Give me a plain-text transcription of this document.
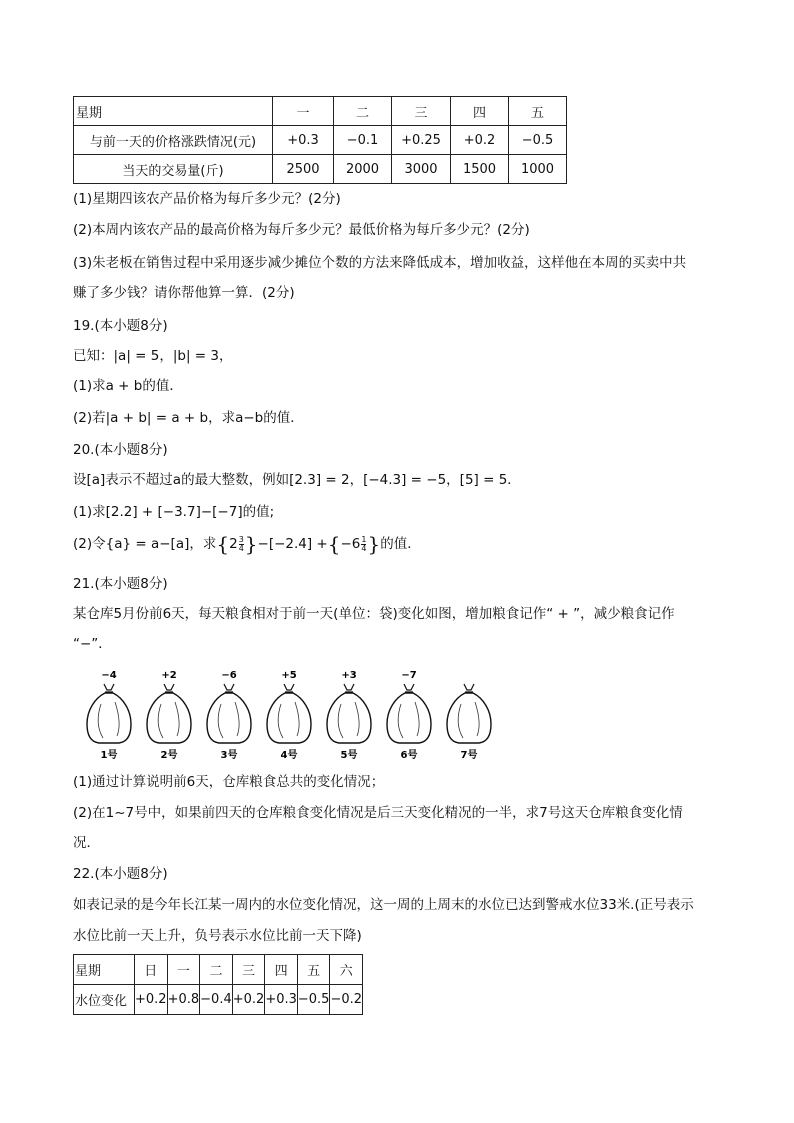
星期	一	二	三	四	五
与前一天的价格涨跌情况(元)	+0.3	−0.1	+0.25	+0.2	−0.5
当天的交易量(斤)	2500	2000	3000	1500	1000
(1)星期四该农产品价格为每斤多少元？(2分)
(2)本周内该农产品的最高价格为每斤多少元？最低价格为每斤多少元？(2分)
(3)朱老板在销售过程中采用逐步减少摊位个数的方法来降低成本，增加收益，这样他在本周的买卖中共
赚了多少钱？请你帮他算一算．(2分)
19.(本小题8分)
已知：|a| = 5，|b| = 3，
(1)求a + b的值．
(2)若|a + b| = a + b，求a−b的值．
20.(本小题8分)
设[a]表示不超过a的最大整数，例如[2.3] = 2，[−4.3] = −5，[5] = 5．
(1)求[2.2] + [−3.7]−[−7]的值;
(2)令{a} = a−[a]，求$\{2 \frac{3}{4} \}-[-2.4] +\{-6 \frac{1}{4}$ }的值．
21.(本小题8分)
某仓库5月份前6天，每天粮食相对于前一天(单位：袋)变化如图，增加粮食记作“ + ”，减少粮食记作
“−”．
−4
1号
+2
2号
−6
3号
+5
4号
+3
5号
−7
6号	7号
(1)通过计算说明前6天，仓库粮食总共的变化情况；
(2)在1~7号中，如果前四天的仓库粮食变化情况是后三天变化精况的一半，求7号这天仓库粮食变化情
况．
22.(本小题8分)
如表记录的是今年长江某一周内的水位变化情况，这一周的上周末的水位已达到警戒水位33米.(正号表示
水位比前一天上升，负号表示水位比前一天下降)
星期	日	一	二	三	四	五	六
水位变化	+0.2	+0.8	−0.4	+0.2	+0.3	−0.5	−0.2
